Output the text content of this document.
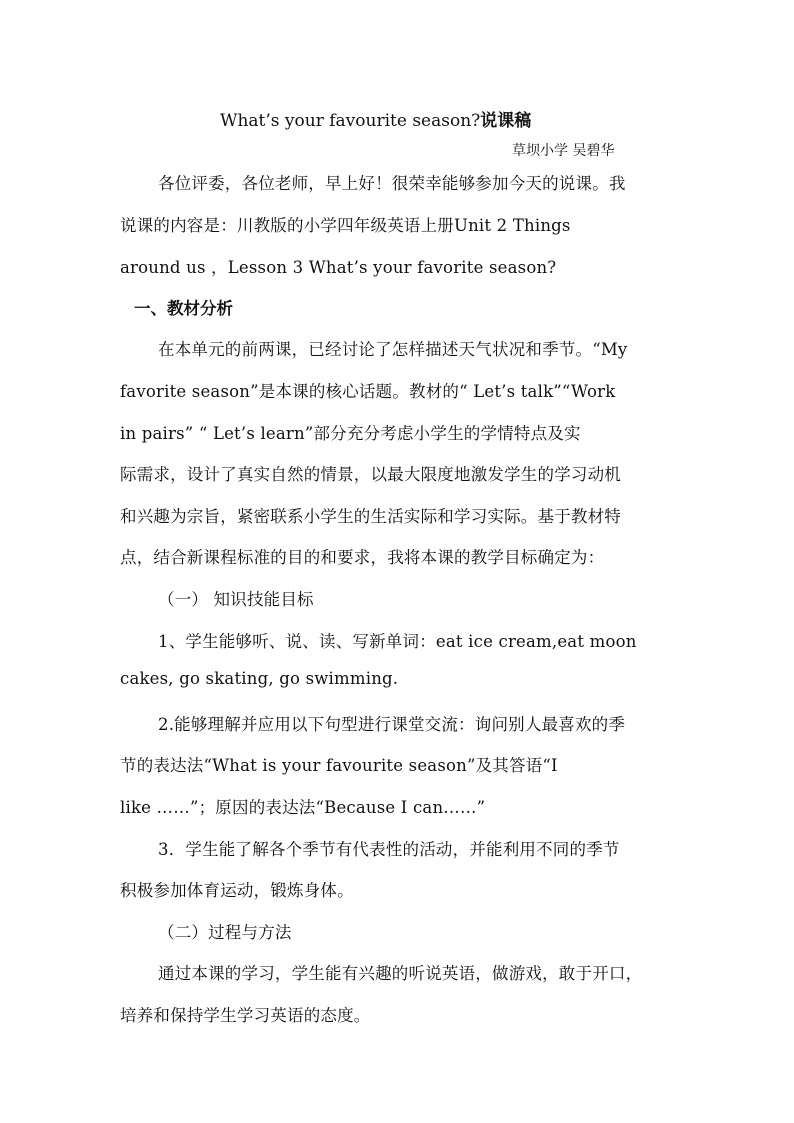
What’s your favourite season?说课稿
草坝小学 吴碧华
各位评委，各位老师，早上好！很荣幸能够参加今天的说课。我
说课的内容是：川教版的小学四年级英语上册Unit 2 Things
around us ，Lesson 3 What’s your favorite season?
一、教材分析
在本单元的前两课，已经讨论了怎样描述天气状况和季节。“My
favorite season”是本课的核心话题。教材的“ Let’s talk”“Work
in pairs” “ Let’s learn”部分充分考虑小学生的学情特点及实
际需求，设计了真实自然的情景，以最大限度地激发学生的学习动机
和兴趣为宗旨，紧密联系小学生的生活实际和学习实际。基于教材特
点，结合新课程标准的目的和要求，我将本课的教学目标确定为：
（一） 知识技能目标
1、学生能够听、说、读、写新单词：eat ice cream,eat moon
cakes, go skating, go swimming.
2.能够理解并应用以下句型进行课堂交流：询问别人最喜欢的季
节的表达法“What is your favourite season”及其答语“I
like ……”；原因的表达法“Because I can……”
3．学生能了解各个季节有代表性的活动，并能利用不同的季节
积极参加体育运动，锻炼身体。
（二）过程与方法
通过本课的学习，学生能有兴趣的听说英语，做游戏，敢于开口，
培养和保持学生学习英语的态度。
